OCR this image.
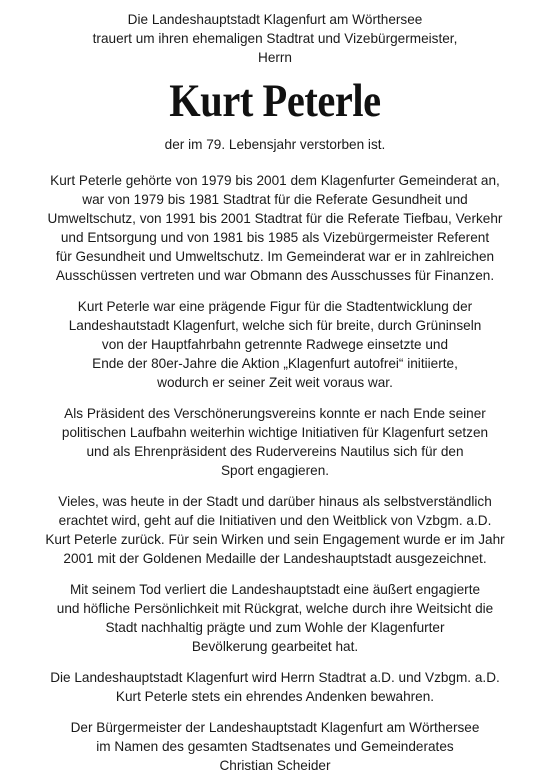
Die Landeshauptstadt Klagenfurt am Wörthersee
trauert um ihren ehemaligen Stadtrat und Vizebürgermeister,
Herrn
Kurt Peterle
der im 79. Lebensjahr verstorben ist.
Kurt Peterle gehörte von 1979 bis 2001 dem Klagenfurter Gemeinderat an,
war von 1979 bis 1981 Stadtrat für die Referate Gesundheit und
Umweltschutz, von 1991 bis 2001 Stadtrat für die Referate Tiefbau, Verkehr
und Entsorgung und von 1981 bis 1985 als Vizebürgermeister Referent
für Gesundheit und Umweltschutz. Im Gemeinderat war er in zahlreichen
Ausschüssen vertreten und war Obmann des Ausschusses für Finanzen.
Kurt Peterle war eine prägende Figur für die Stadtentwicklung der
Landeshautstadt Klagenfurt, welche sich für breite, durch Grüninseln
von der Hauptfahrbahn getrennte Radwege einsetzte und
Ende der 80er-Jahre die Aktion „Klagenfurt autofrei“ initiierte,
wodurch er seiner Zeit weit voraus war.
Als Präsident des Verschönerungsvereins konnte er nach Ende seiner
politischen Laufbahn weiterhin wichtige Initiativen für Klagenfurt setzen
und als Ehrenpräsident des Rudervereins Nautilus sich für den
Sport engagieren.
Vieles, was heute in der Stadt und darüber hinaus als selbstverständlich
erachtet wird, geht auf die Initiativen und den Weitblick von Vzbgm. a.D.
Kurt Peterle zurück. Für sein Wirken und sein Engagement wurde er im Jahr
2001 mit der Goldenen Medaille der Landeshauptstadt ausgezeichnet.
Mit seinem Tod verliert die Landeshauptstadt eine äußert engagierte
und höfliche Persönlichkeit mit Rückgrat, welche durch ihre Weitsicht die
Stadt nachhaltig prägte und zum Wohle der Klagenfurter
Bevölkerung gearbeitet hat.
Die Landeshauptstadt Klagenfurt wird Herrn Stadtrat a.D. und Vzbgm. a.D.
Kurt Peterle stets ein ehrendes Andenken bewahren.
Der Bürgermeister der Landeshauptstadt Klagenfurt am Wörthersee
im Namen des gesamten Stadtsenates und Gemeinderates
Christian Scheider
